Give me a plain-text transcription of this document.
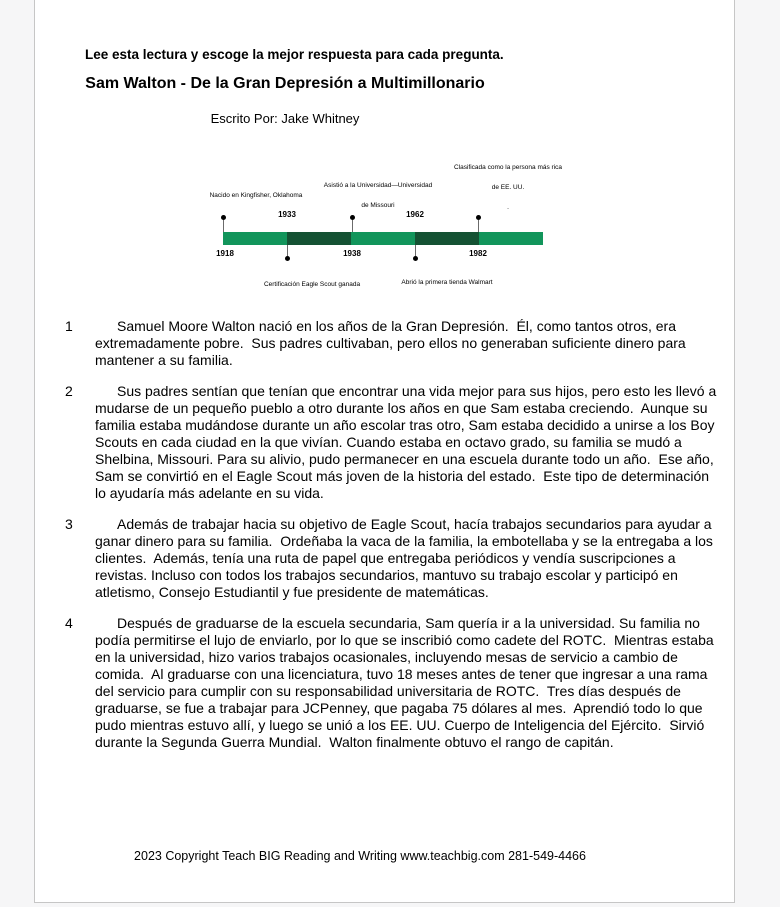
Lee esta lectura y escoge la mejor respuesta para cada pregunta.
Sam Walton - De la Gran Depresión a Multimillonario
Escrito Por: Jake Whitney
Nacido en Kingfisher, Oklahoma
Asistió a la Universidad—Universidad
de Missouri
Clasificada como la persona más rica
de EE. UU.
.
1933	1962
1918	1938	1982
Certificación Eagle Scout ganada	Abrió la primera tienda Walmart
1	Samuel Moore Walton nació en los años de la Gran Depresión.  Él, como tantos otros, era extremadamente pobre.  Sus padres cultivaban, pero ellos no generaban suficiente dinero para mantener a su familia.
2	Sus padres sentían que tenían que encontrar una vida mejor para sus hijos, pero esto les llevó a mudarse de un pequeño pueblo a otro durante los años en que Sam estaba creciendo.  Aunque su familia estaba mudándose durante un año escolar tras otro, Sam estaba decidido a unirse a los Boy Scouts en cada ciudad en la que vivían. Cuando estaba en octavo grado, su familia se mudó a Shelbina, Missouri. Para su alivio, pudo permanecer en una escuela durante todo un año.  Ese año, Sam se convirtió en el Eagle Scout más joven de la historia del estado.  Este tipo de determinación lo ayudaría más adelante en su vida.
3	Además de trabajar hacia su objetivo de Eagle Scout, hacía trabajos secundarios para ayudar a ganar dinero para su familia.  Ordeñaba la vaca de la familia, la embotellaba y se la entregaba a los clientes.  Además, tenía una ruta de papel que entregaba periódicos y vendía suscripciones a revistas. Incluso con todos los trabajos secundarios, mantuvo su trabajo escolar y participó en atletismo, Consejo Estudiantil y fue presidente de matemáticas.
4	Después de graduarse de la escuela secundaria, Sam quería ir a la universidad. Su familia no podía permitirse el lujo de enviarlo, por lo que se inscribió como cadete del ROTC.  Mientras estaba en la universidad, hizo varios trabajos ocasionales, incluyendo mesas de servicio a cambio de comida.  Al graduarse con una licenciatura, tuvo 18 meses antes de tener que ingresar a una rama del servicio para cumplir con su responsabilidad universitaria de ROTC.  Tres días después de graduarse, se fue a trabajar para JCPenney, que pagaba 75 dólares al mes.  Aprendió todo lo que pudo mientras estuvo allí, y luego se unió a los EE. UU. Cuerpo de Inteligencia del Ejército.  Sirvió durante la Segunda Guerra Mundial.  Walton finalmente obtuvo el rango de capitán.
2023 Copyright Teach BIG Reading and Writing www.teachbig.com 281-549-4466
